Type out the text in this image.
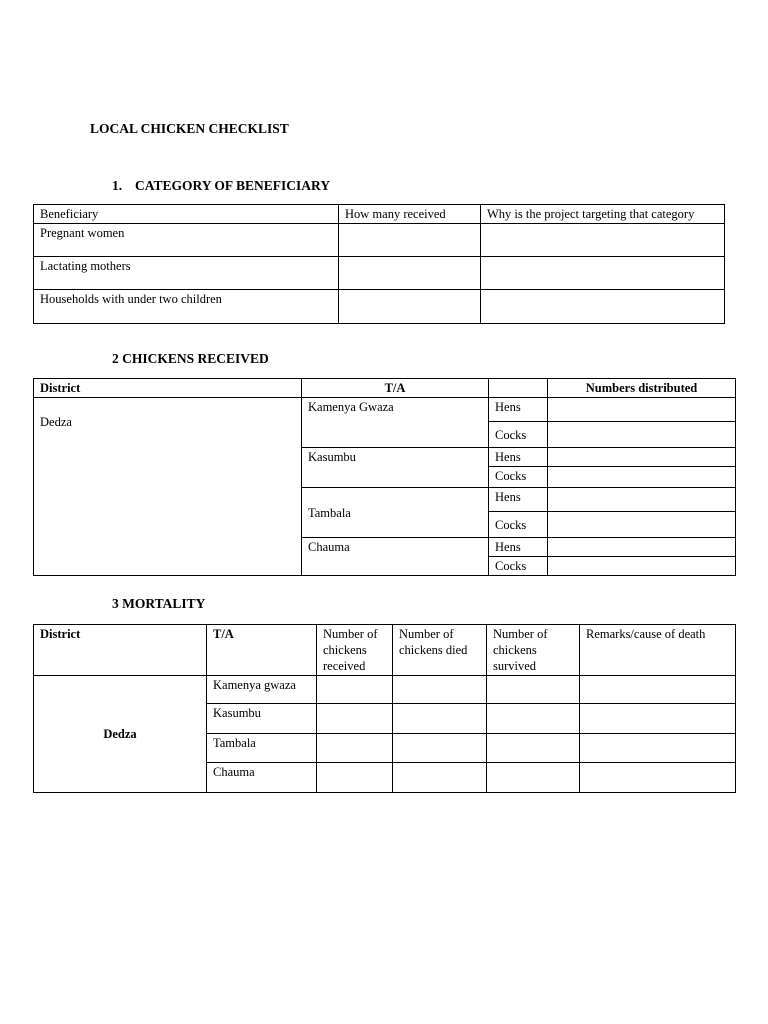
LOCAL CHICKEN CHECKLIST
1. CATEGORY OF BENEFICIARY
Beneficiary	How many received	Why is the project targeting that category
Pregnant women		
Lactating mothers		
Households with under two children		
2 CHICKENS RECEIVED
District	T/A		Numbers distributed
Dedza	Kamenya Gwaza	Hens	
		Cocks	
	Kasumbu	Hens	
		Cocks	
	Tambala	Hens	
		Cocks	
	Chauma	Hens	
		Cocks	
3 MORTALITY
District	T/A	Number of chickens received	Number of chickens died	Number of chickens survived	Remarks/cause of death
Dedza	Kamenya gwaza				
	Kasumbu				
	Tambala				
	Chauma				
